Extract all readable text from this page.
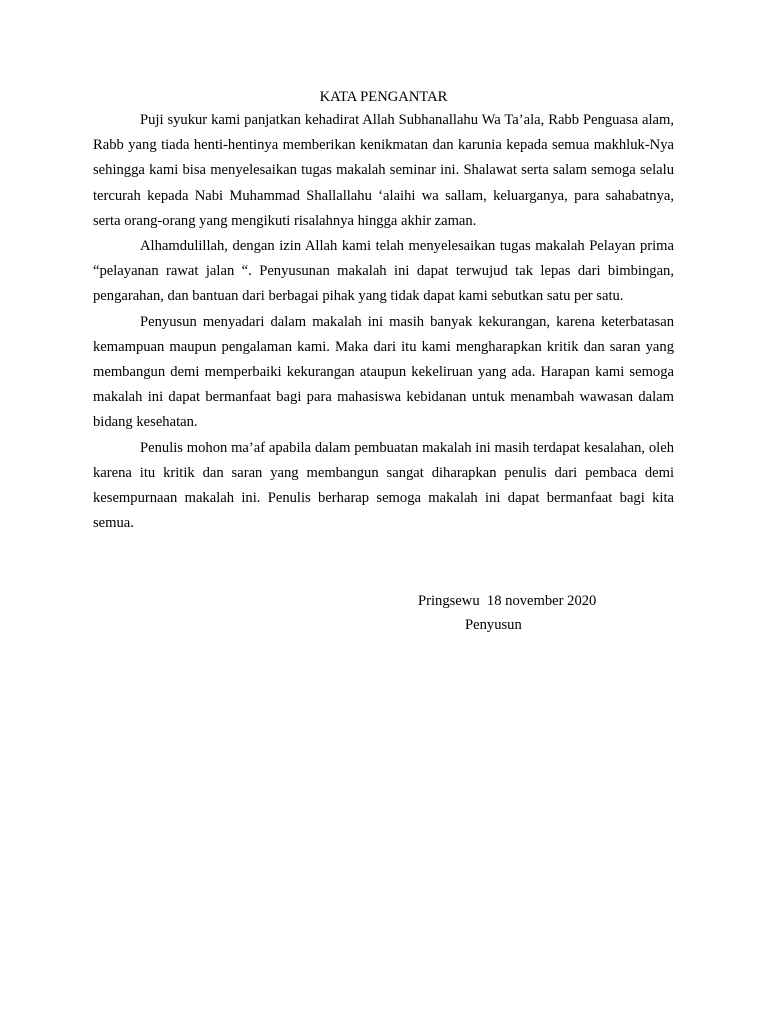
KATA PENGANTAR

Puji syukur kami panjatkan kehadirat Allah Subhanallahu Wa Ta’ala, Rabb Penguasa alam, Rabb yang tiada henti-hentinya memberikan kenikmatan dan karunia kepada semua makhluk-Nya sehingga kami bisa menyelesaikan tugas makalah seminar ini. Shalawat serta salam semoga selalu tercurah kepada Nabi Muhammad Shallallahu ‘alaihi wa sallam, keluarganya, para sahabatnya, serta orang-orang yang mengikuti risalahnya hingga akhir zaman.

Alhamdulillah, dengan izin Allah kami telah menyelesaikan tugas makalah Pelayan prima “pelayanan rawat jalan “. Penyusunan makalah ini dapat terwujud tak lepas dari bimbingan, pengarahan, dan bantuan dari berbagai pihak yang tidak dapat kami sebutkan satu per satu.

Penyusun menyadari dalam makalah ini masih banyak kekurangan, karena keterbatasan kemampuan maupun pengalaman kami. Maka dari itu kami mengharapkan kritik dan saran yang membangun demi memperbaiki kekurangan ataupun kekeliruan yang ada. Harapan kami semoga makalah ini dapat bermanfaat bagi para mahasiswa kebidanan untuk menambah wawasan dalam bidang kesehatan.

Penulis mohon ma’af apabila dalam pembuatan makalah ini masih terdapat kesalahan, oleh karena itu kritik dan saran yang membangun sangat diharapkan penulis dari pembaca demi kesempurnaan makalah ini. Penulis berharap semoga makalah ini dapat bermanfaat bagi kita semua.

Pringsewu  18 november 2020
Penyusun
